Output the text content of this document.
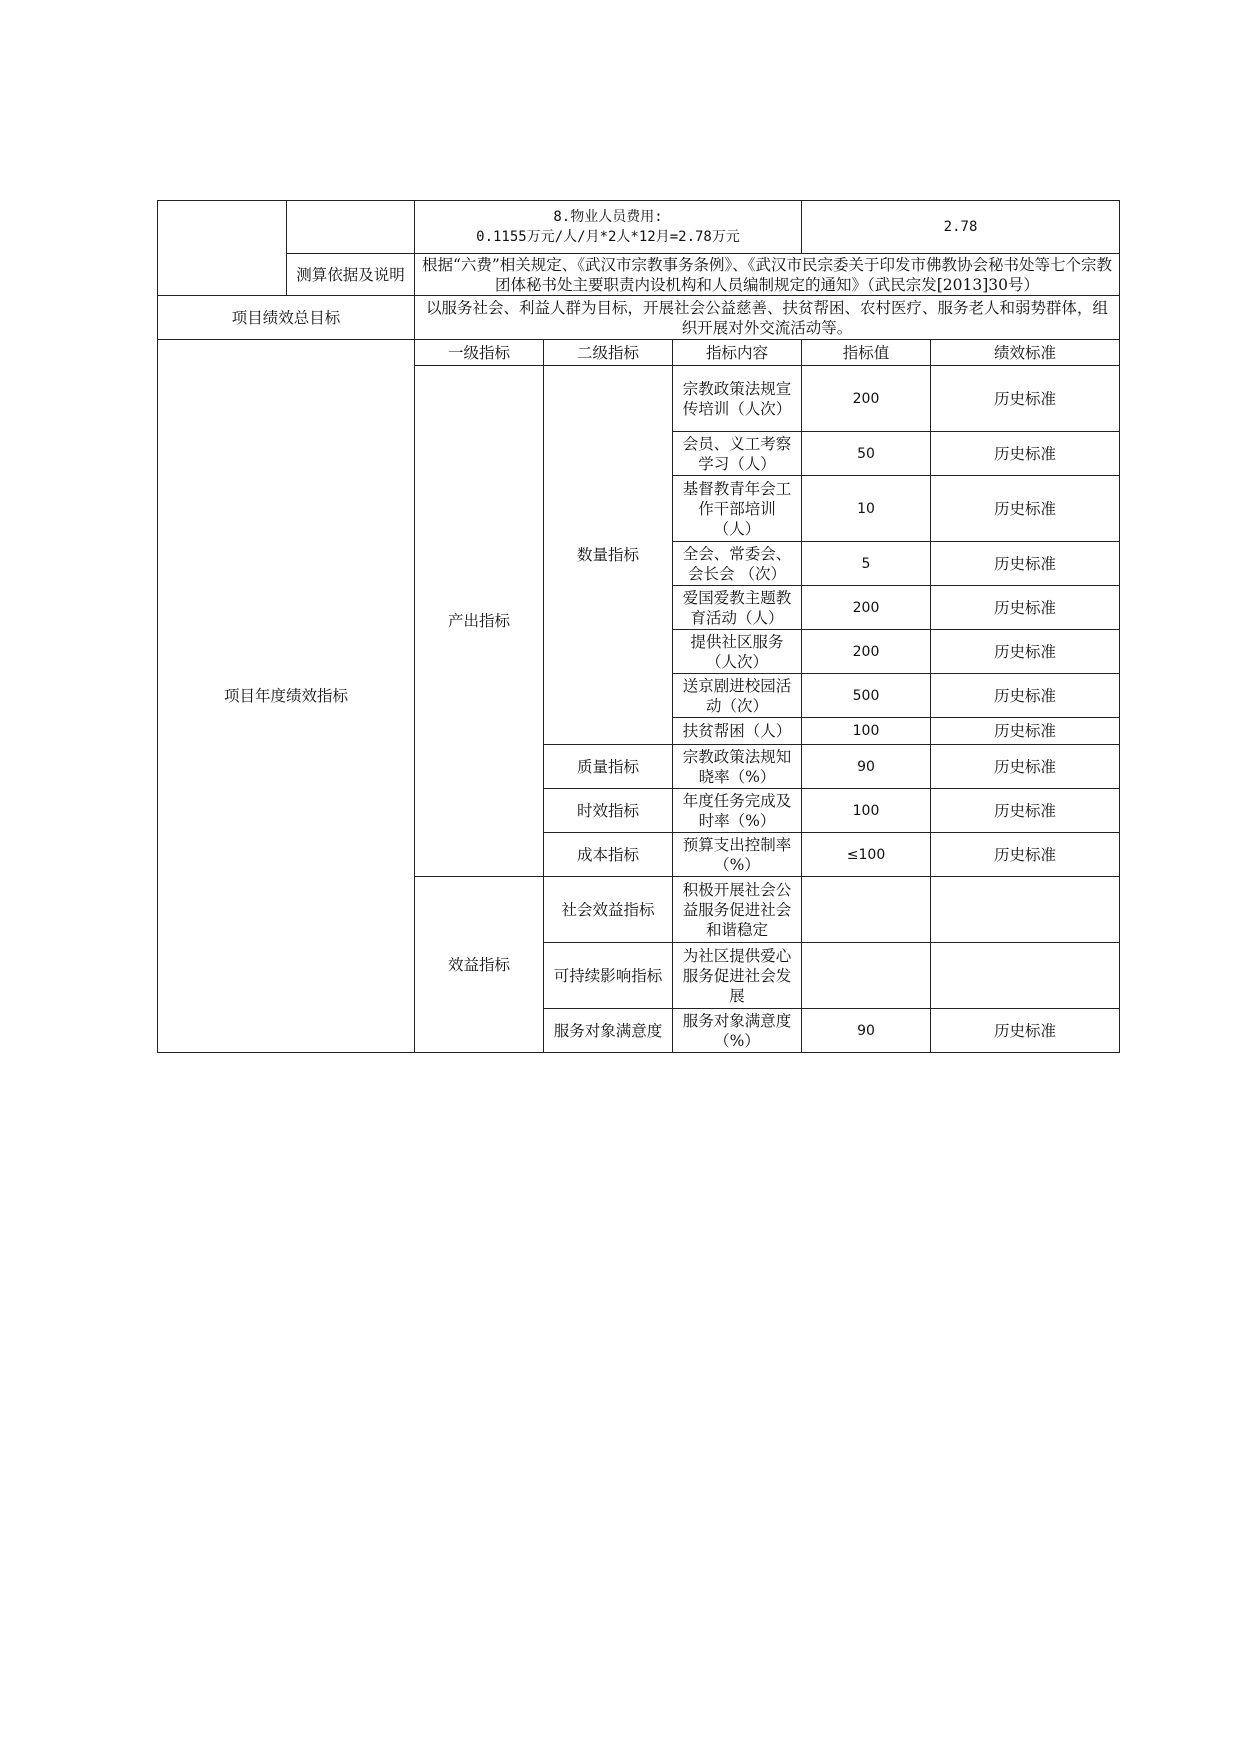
		8.物业人员费用:
0.1155万元/人/月*2人*12月=2.78万元			2.78	
	测算依据及说明	根据“六费”相关规定、《武汉市宗教事务条例》、《武汉市民宗委关于印发市佛教协会秘书处等七个宗教团体秘书处主要职责内设机构和人员编制规定的通知》（武民宗发[2013]30号）				
项目绩效总目标		以服务社会、利益人群为目标，开展社会公益慈善、扶贫帮困、农村医疗、服务老人和弱势群体，组织开展对外交流活动等。				
项目年度绩效指标		一级指标	二级指标	指标内容	指标值	绩效标准
		产出指标	数量指标	宗教政策法规宣传培训（人次）	200	历史标准
				会员、义工考察学习（人）	50	历史标准
				基督教青年会工作干部培训（人）	10	历史标准
				全会、常委会、会长会 （次）	5	历史标准
				爱国爱教主题教育活动（人）	200	历史标准
				提供社区服务（人次）	200	历史标准
				送京剧进校园活动（次）	500	历史标准
				扶贫帮困（人）	100	历史标准
			质量指标	宗教政策法规知晓率（%）	90	历史标准
			时效指标	年度任务完成及时率（%）	100	历史标准
			成本指标	预算支出控制率（%）	≤100	历史标准
		效益指标	社会效益指标	积极开展社会公益服务促进社会和谐稳定		
			可持续影响指标	为社区提供爱心服务促进社会发展		
			服务对象满意度	服务对象满意度（%）	90	历史标准
